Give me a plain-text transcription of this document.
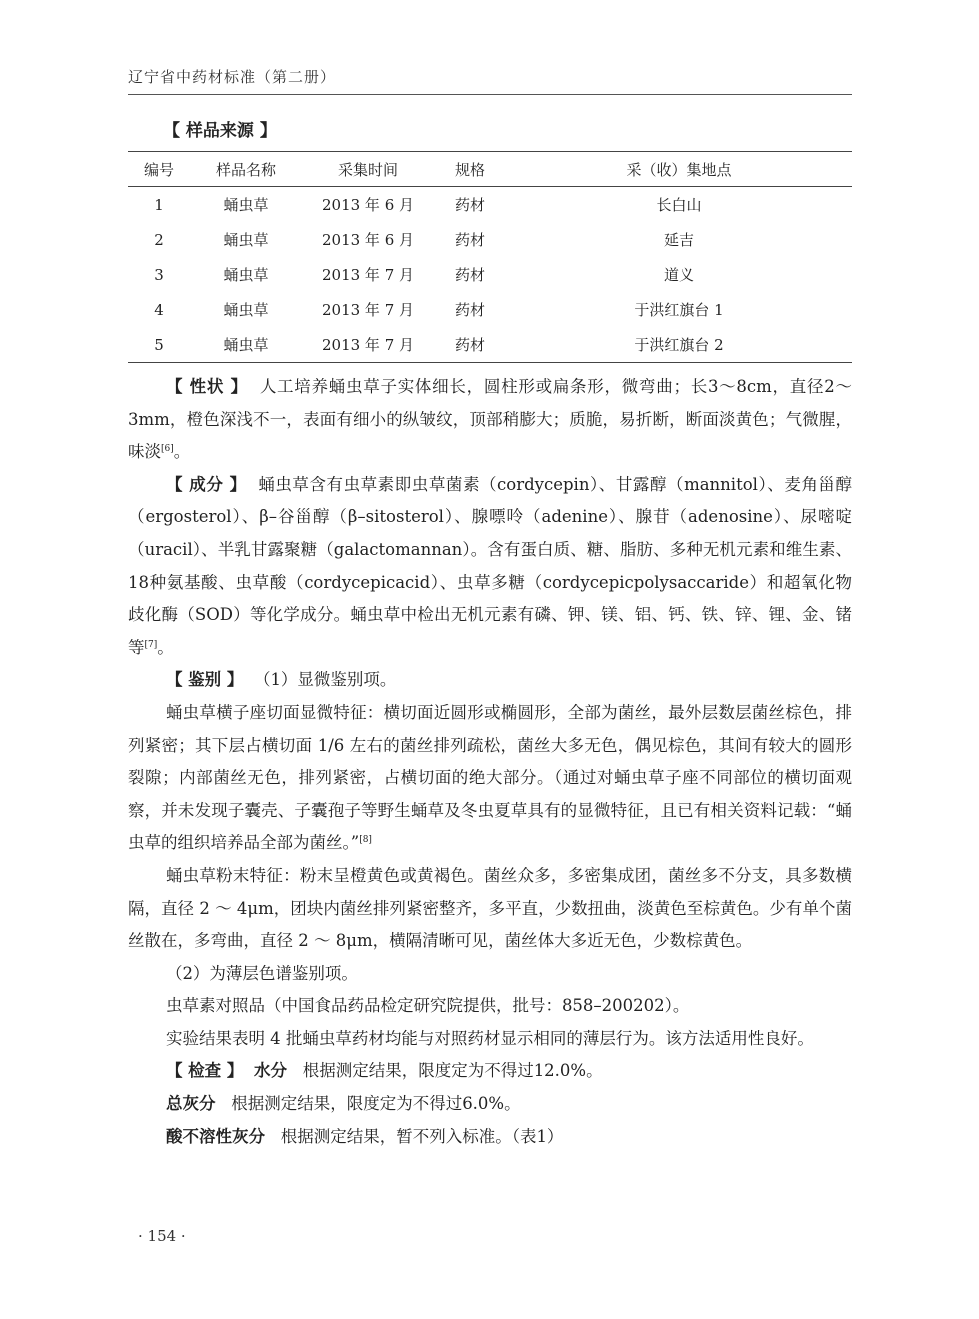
辽宁省中药材标准（第二册）
【 样品来源 】
编号	样品名称	采集时间	规格	采（收）集地点
1	蛹虫草	2013 年 6 月	药材	长白山
2	蛹虫草	2013 年 6 月	药材	延吉
3	蛹虫草	2013 年 7 月	药材	道义
4	蛹虫草	2013 年 7 月	药材	于洪红旗台 1
5	蛹虫草	2013 年 7 月	药材	于洪红旗台 2

【 性状 】 人工培养蛹虫草子实体细长，圆柱形或扁条形，微弯曲；长3～8cm，直径2～3mm，橙色深浅不一，表面有细小的纵皱纹，顶部稍膨大；质脆，易折断，断面淡黄色；气微腥，味淡[6]。

【 成分 】 蛹虫草含有虫草素即虫草菌素（cordycepin）、甘露醇（mannitol）、麦角甾醇（ergosterol）、β–谷甾醇（β–sitosterol）、腺嘌呤（adenine）、腺苷（adenosine）、尿嘧啶（uracil）、半乳甘露聚糖（galactomannan）。含有蛋白质、糖、脂肪、多种无机元素和维生素、18种氨基酸、虫草酸（cordycepicacid）、虫草多糖（cordycepicpolysaccaride）和超氧化物歧化酶（SOD）等化学成分。蛹虫草中检出无机元素有磷、钾、镁、铝、钙、铁、锌、锂、金、锗等[7]。

【 鉴别 】 （1）显微鉴别项。

蛹虫草横子座切面显微特征：横切面近圆形或椭圆形，全部为菌丝，最外层数层菌丝棕色，排列紧密；其下层占横切面 1/6 左右的菌丝排列疏松，菌丝大多无色，偶见棕色，其间有较大的圆形裂隙；内部菌丝无色，排列紧密，占横切面的绝大部分。（通过对蛹虫草子座不同部位的横切面观察，并未发现子囊壳、子囊孢子等野生蛹草及冬虫夏草具有的显微特征，且已有相关资料记载：“蛹虫草的组织培养品全部为菌丝。”[8]

蛹虫草粉末特征：粉末呈橙黄色或黄褐色。菌丝众多，多密集成团，菌丝多不分支，具多数横隔，直径 2 ～ 4μm，团块内菌丝排列紧密整齐，多平直，少数扭曲，淡黄色至棕黄色。少有单个菌丝散在，多弯曲，直径 2 ～ 8μm，横隔清晰可见，菌丝体大多近无色，少数棕黄色。

（2）为薄层色谱鉴别项。

虫草素对照品（中国食品药品检定研究院提供，批号：858–200202）。

实验结果表明 4 批蛹虫草药材均能与对照药材显示相同的薄层行为。该方法适用性良好。

【 检查 】 水分 根据测定结果，限度定为不得过12.0%。

总灰分 根据测定结果，限度定为不得过6.0%。

酸不溶性灰分 根据测定结果，暂不列入标准。（表1）

· 154 ·
